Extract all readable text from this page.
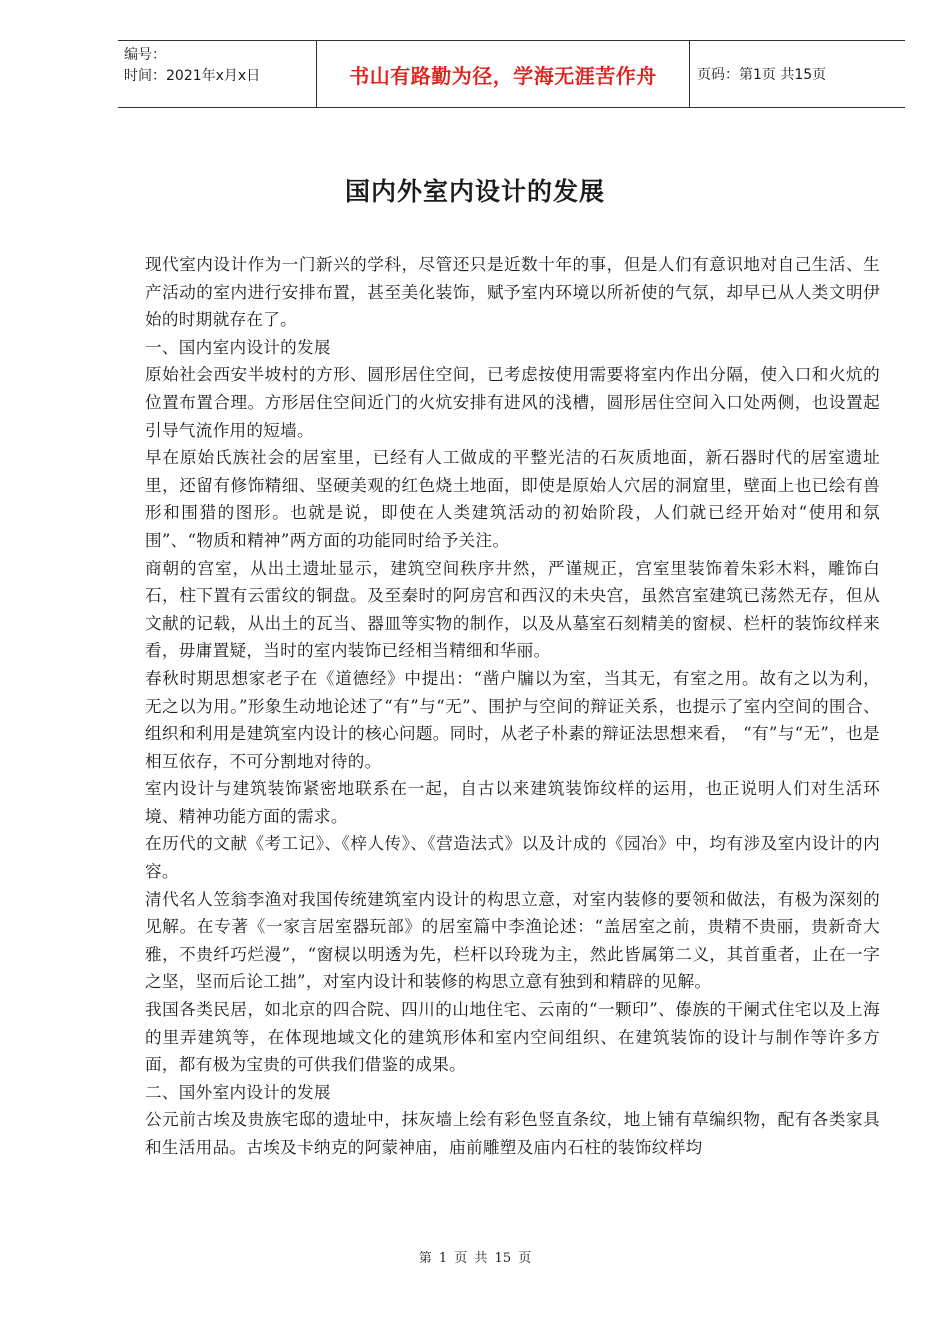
编号：
时间：2021年x月x日	书山有路勤为径，学海无涯苦作舟	页码：第1页 共15页
国内外室内设计的发展

现代室内设计作为一门新兴的学科，尽管还只是近数十年的事，但是人们有意识地对自己生活、生产活动的室内进行安排布置，甚至美化装饰，赋予室内环境以所祈使的气氛，却早已从人类文明伊始的时期就存在了。

一、国内室内设计的发展

原始社会西安半坡村的方形、圆形居住空间，已考虑按使用需要将室内作出分隔，使入口和火炕的位置布置合理。方形居住空间近门的火炕安排有进风的浅槽，圆形居住空间入口处两侧，也设置起引导气流作用的短墙。

早在原始氏族社会的居室里，已经有人工做成的平整光洁的石灰质地面，新石器时代的居室遗址里，还留有修饰精细、坚硬美观的红色烧土地面，即使是原始人穴居的洞窟里，壁面上也已绘有兽形和围猎的图形。也就是说，即使在人类建筑活动的初始阶段，人们就已经开始对“使用和氛围”、“物质和精神”两方面的功能同时给予关注。

商朝的宫室，从出土遗址显示，建筑空间秩序井然，严谨规正，宫室里装饰着朱彩木料，雕饰白石，柱下置有云雷纹的铜盘。及至秦时的阿房宫和西汉的未央宫，虽然宫室建筑已荡然无存，但从文献的记载，从出土的瓦当、器皿等实物的制作，以及从墓室石刻精美的窗棂、栏杆的装饰纹样来看，毋庸置疑，当时的室内装饰已经相当精细和华丽。

春秋时期思想家老子在《道德经》中提出：“凿户牖以为室，当其无，有室之用。故有之以为利，无之以为用。”形象生动地论述了“有”与“无”、围护与空间的辩证关系，也提示了室内空间的围合、组织和利用是建筑室内设计的核心问题。同时，从老子朴素的辩证法思想来看， “有”与“无”，也是相互依存，不可分割地对待的。

室内设计与建筑装饰紧密地联系在一起，自古以来建筑装饰纹样的运用，也正说明人们对生活环境、精神功能方面的需求。

在历代的文献《考工记》、《梓人传》、《营造法式》以及计成的《园冶》中，均有涉及室内设计的内容。

清代名人笠翁李渔对我国传统建筑室内设计的构思立意，对室内装修的要领和做法，有极为深刻的见解。在专著《一家言居室器玩部》的居室篇中李渔论述：“盖居室之前，贵精不贵丽，贵新奇大雅，不贵纤巧烂漫”，“窗棂以明透为先，栏杆以玲珑为主，然此皆属第二义，其首重者，止在一字之坚，坚而后论工拙”，对室内设计和装修的构思立意有独到和精辟的见解。

我国各类民居，如北京的四合院、四川的山地住宅、云南的“一颗印”、傣族的干阑式住宅以及上海的里弄建筑等，在体现地域文化的建筑形体和室内空间组织、在建筑装饰的设计与制作等许多方面，都有极为宝贵的可供我们借鉴的成果。

二、国外室内设计的发展

公元前古埃及贵族宅邸的遗址中，抹灰墙上绘有彩色竖直条纹，地上铺有草编织物，配有各类家具和生活用品。古埃及卡纳克的阿蒙神庙，庙前雕塑及庙内石柱的装饰纹样均

第 1 页 共 15 页
